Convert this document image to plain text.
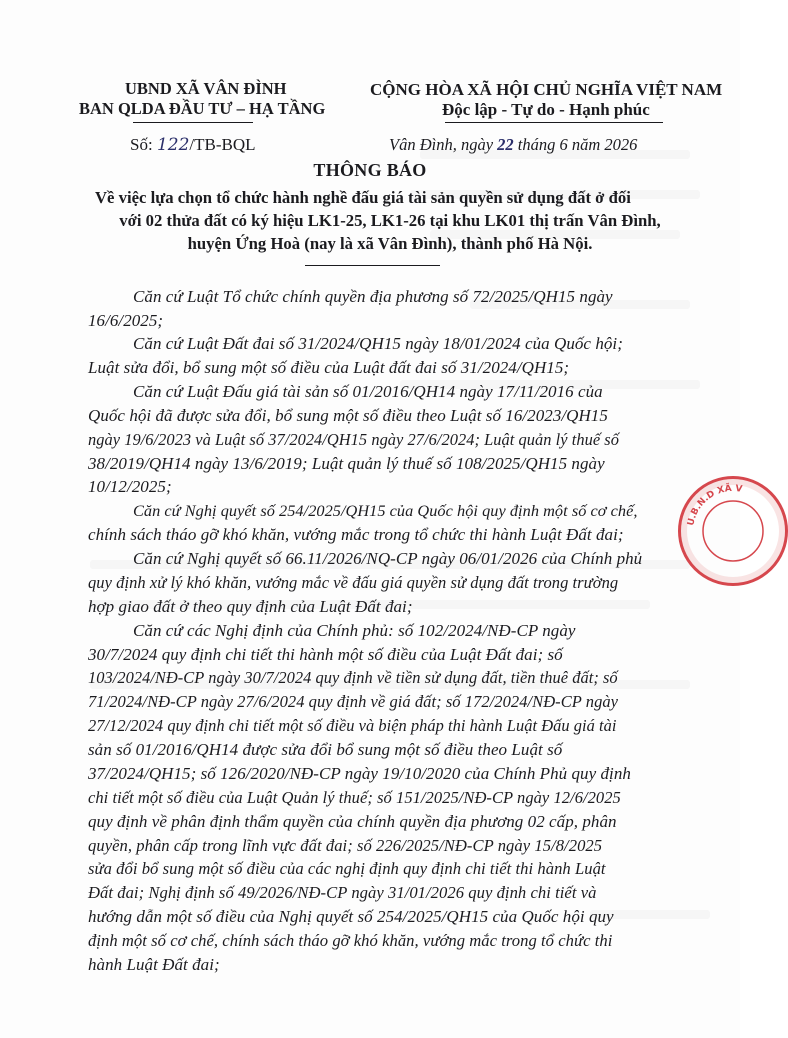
U.B.N.D XÃ V
UBND XÃ VÂN ĐÌNH
BAN QLDA ĐẦU TƯ – HẠ TẦNG
CỘNG HÒA XÃ HỘI CHỦ NGHĨA VIỆT NAM
Độc lập - Tự do - Hạnh phúc
Số: 122/TB-BQL	Vân Đình, ngày 22 tháng 6 năm 2026
THÔNG BÁO
Về việc lựa chọn tổ chức hành nghề đấu giá tài sản quyền sử dụng đất ở đối
với 02 thửa đất có ký hiệu LK1-25, LK1-26 tại khu LK01 thị trấn Vân Đình,
huyện Ứng Hoà (nay là xã Vân Đình), thành phố Hà Nội.
Căn cứ Luật Tổ chức chính quyền địa phương số 72/2025/QH15 ngày
16/6/2025;
Căn cứ Luật Đất đai số 31/2024/QH15 ngày 18/01/2024 của Quốc hội;
Luật sửa đổi, bổ sung một số điều của Luật đất đai số 31/2024/QH15;
Căn cứ Luật Đấu giá tài sản số 01/2016/QH14 ngày 17/11/2016 của
Quốc hội đã được sửa đổi, bổ sung một số điều theo Luật số 16/2023/QH15
ngày 19/6/2023 và Luật số 37/2024/QH15 ngày 27/6/2024; Luật quản lý thuế số
38/2019/QH14 ngày 13/6/2019; Luật quản lý thuế số 108/2025/QH15 ngày
10/12/2025;
Căn cứ Nghị quyết số 254/2025/QH15 của Quốc hội quy định một số cơ chế,
chính sách tháo gỡ khó khăn, vướng mắc trong tổ chức thi hành Luật Đất đai;
Căn cứ Nghị quyết số 66.11/2026/NQ-CP ngày 06/01/2026 của Chính phủ
quy định xử lý khó khăn, vướng mắc về đấu giá quyền sử dụng đất trong trường
hợp giao đất ở theo quy định của Luật Đất đai;
Căn cứ các Nghị định của Chính phủ: số 102/2024/NĐ-CP ngày
30/7/2024 quy định chi tiết thi hành một số điều của Luật Đất đai; số
103/2024/NĐ-CP ngày 30/7/2024 quy định về tiền sử dụng đất, tiền thuê đất; số
71/2024/NĐ-CP ngày 27/6/2024 quy định về giá đất; số 172/2024/NĐ-CP ngày
27/12/2024 quy định chi tiết một số điều và biện pháp thi hành Luật Đấu giá tài
sản số 01/2016/QH14 được sửa đổi bổ sung một số điều theo Luật số
37/2024/QH15; số 126/2020/NĐ-CP ngày 19/10/2020 của Chính Phủ quy định
chi tiết một số điều của Luật Quản lý thuế; số 151/2025/NĐ-CP ngày 12/6/2025
quy định về phân định thẩm quyền của chính quyền địa phương 02 cấp, phân
quyền, phân cấp trong lĩnh vực đất đai; số 226/2025/NĐ-CP ngày 15/8/2025
sửa đổi bổ sung một số điều của các nghị định quy định chi tiết thi hành Luật
Đất đai; Nghị định số 49/2026/NĐ-CP ngày 31/01/2026 quy định chi tiết và
hướng dẫn một số điều của Nghị quyết số 254/2025/QH15 của Quốc hội quy
định một số cơ chế, chính sách tháo gỡ khó khăn, vướng mắc trong tổ chức thi
hành Luật Đất đai;
